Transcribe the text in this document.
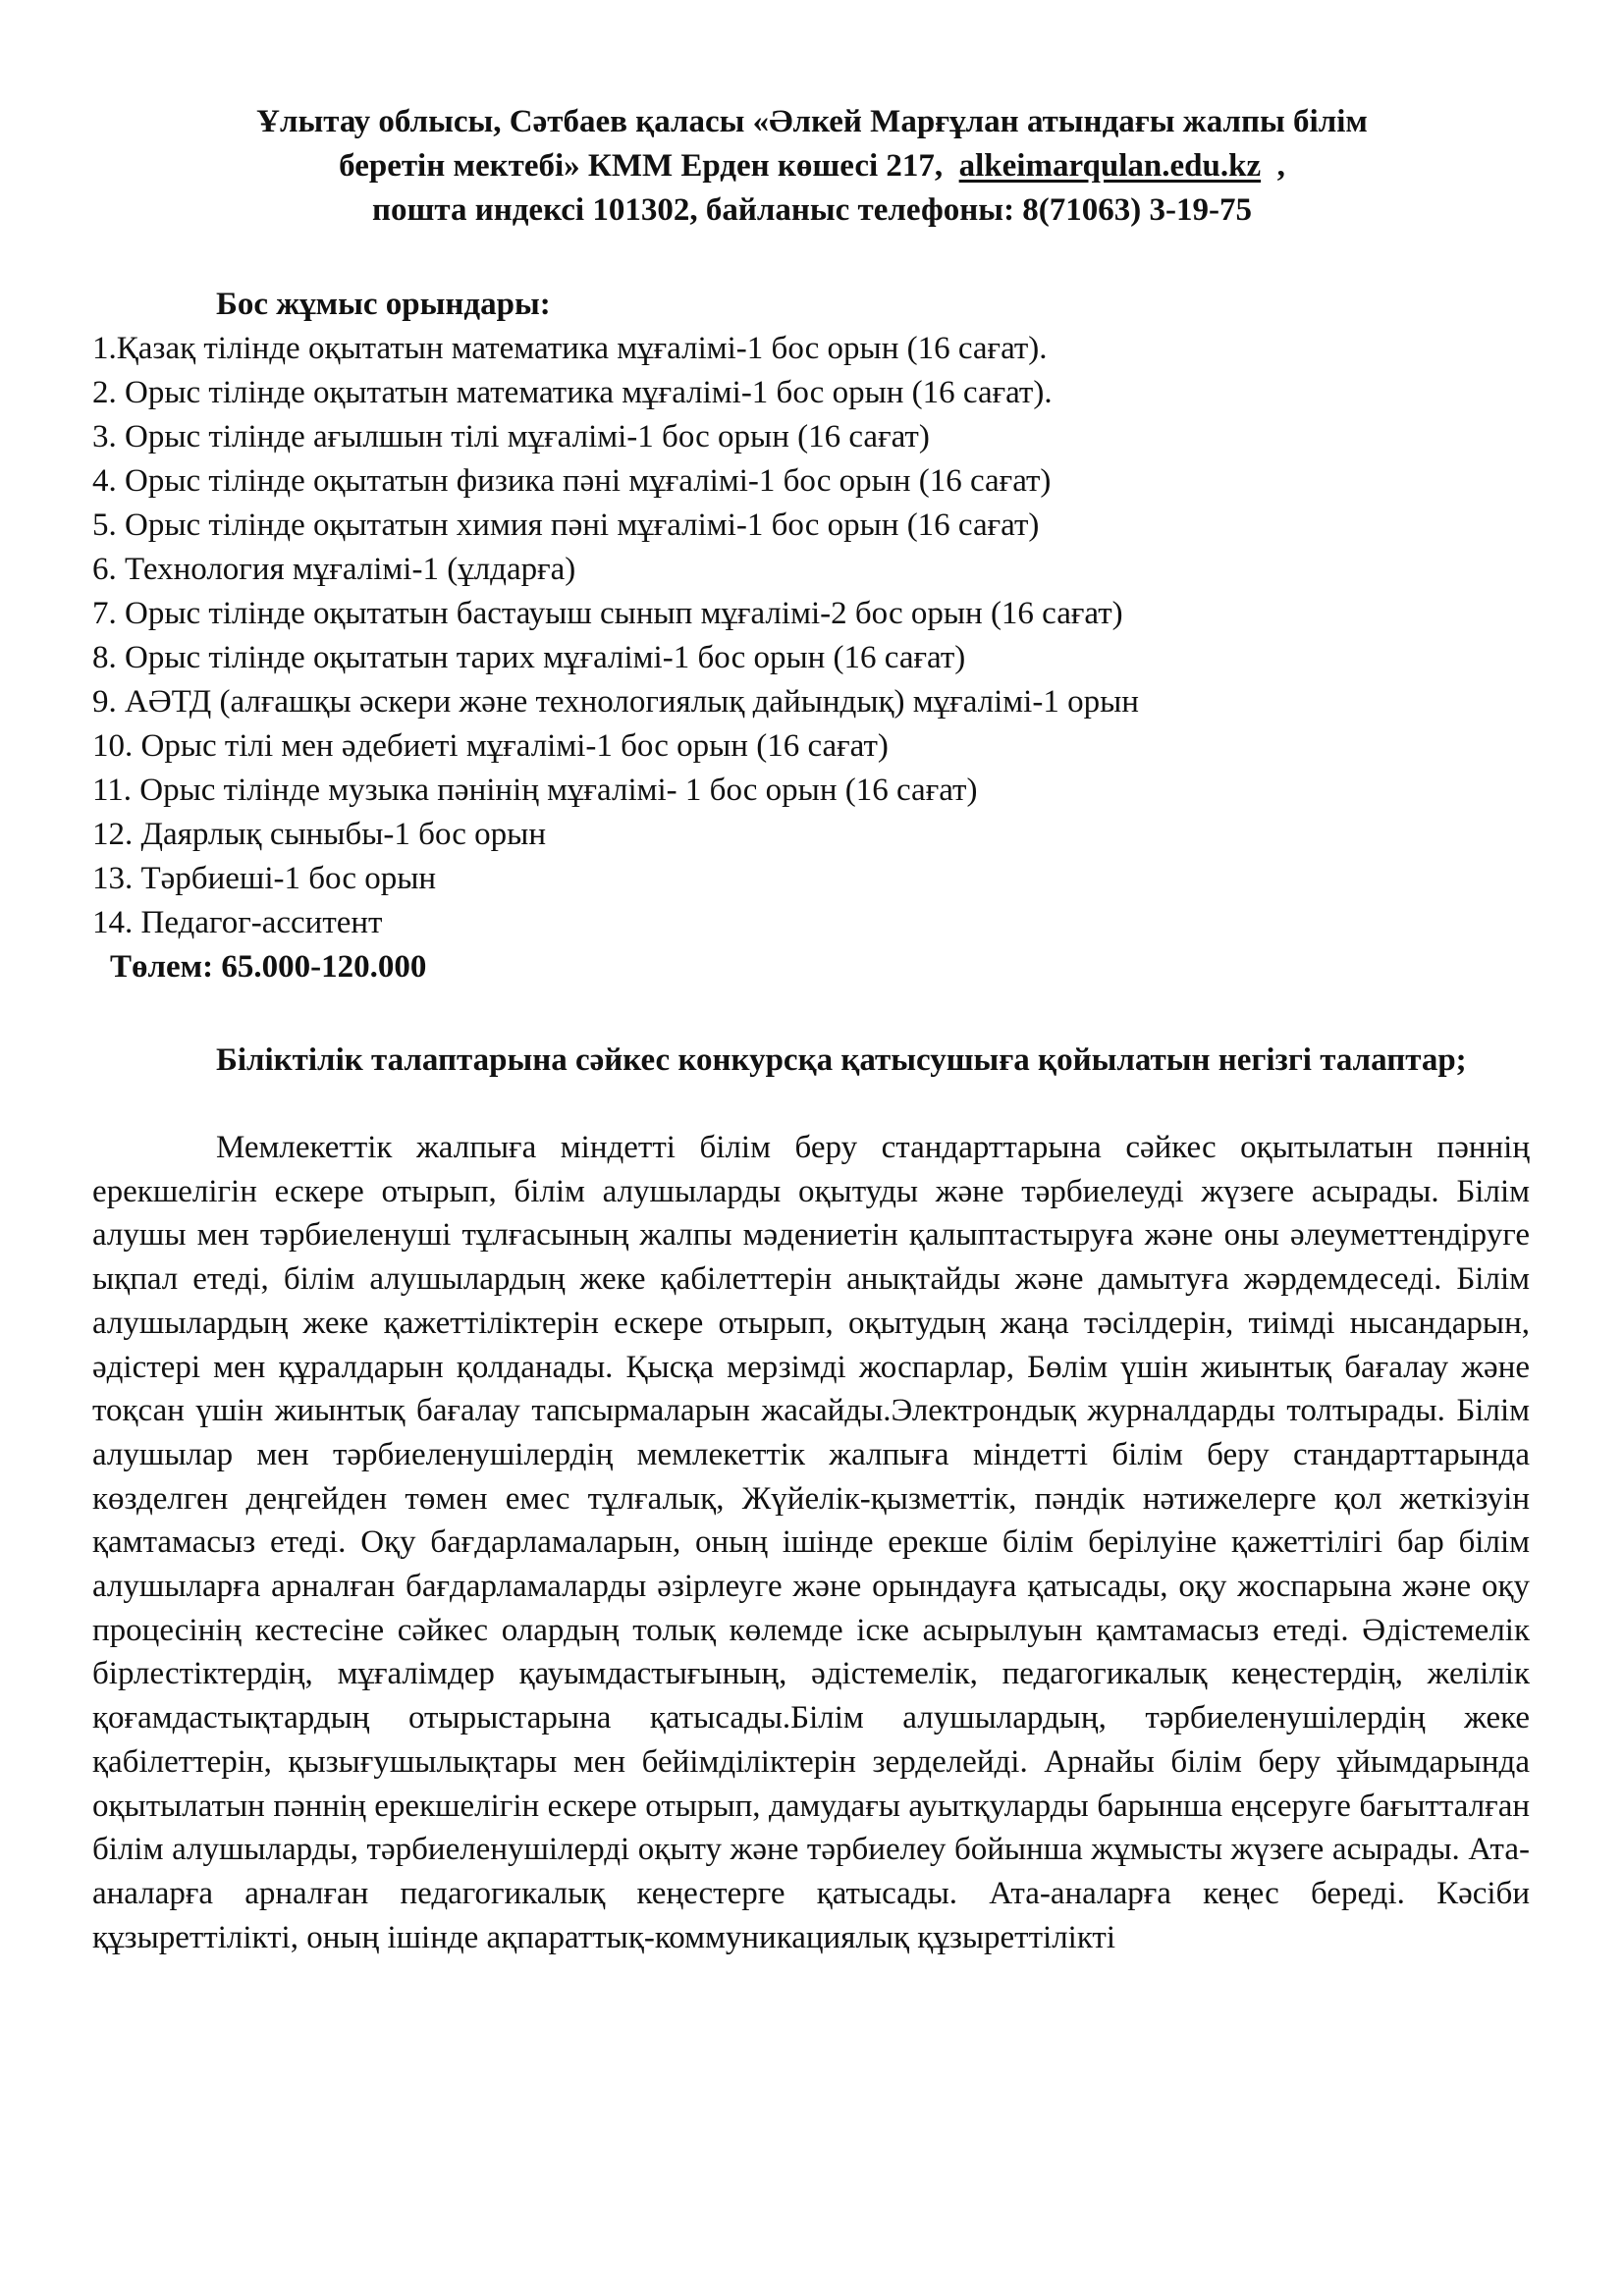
Ұлытау облысы, Сәтбаев қаласы «Әлкей Марғұлан атындағы жалпы білім
беретін мектебі» КММ Ерден көшесі 217, alkeimarqulan.edu.kz ,
пошта индексі 101302, байланыс телефоны: 8(71063) 3-19-75
Бос жұмыс орындары:
1.Қазақ тілінде оқытатын математика мұғалімі-1 бос орын (16 сағат).
2. Орыс тілінде оқытатын математика мұғалімі-1 бос орын (16 сағат).
3. Орыс тілінде ағылшын тілі мұғалімі-1 бос орын (16 сағат)
4. Орыс тілінде оқытатын физика пәні мұғалімі-1 бос орын (16 сағат)
5. Орыс тілінде оқытатын химия пәні мұғалімі-1 бос орын (16 сағат)
6. Технология мұғалімі-1 (ұлдарға)
7. Орыс тілінде оқытатын бастауыш сынып мұғалімі-2 бос орын (16 сағат)
8. Орыс тілінде оқытатын тарих мұғалімі-1 бос орын (16 сағат)
9. АӘТД (алғашқы әскери және технологиялық дайындық) мұғалімі-1 орын
10. Орыс тілі мен әдебиеті мұғалімі-1 бос орын (16 сағат)
11. Орыс тілінде музыка пәнінің мұғалімі- 1 бос орын (16 сағат)
12. Даярлық сыныбы-1 бос орын
13. Тәрбиеші-1 бос орын
14. Педагог-асситент
Төлем: 65.000-120.000
Біліктілік талаптарына сәйкес конкурсқа қатысушыға қойылатын негізгі талаптар;

Мемлекеттік жалпыға міндетті білім беру стандарттарына сәйкес оқытылатын пәннің ерекшелігін ескере отырып, білім алушыларды оқытуды және тәрбиелеуді жүзеге асырады. Білім алушы мен тәрбиеленуші тұлғасының жалпы мәдениетін қалыптастыруға және оны әлеуметтендіруге ықпал етеді, білім алушылардың жеке қабілеттерін анықтайды және дамытуға жәрдемдеседі. Білім алушылардың жеке қажеттіліктерін ескере отырып, оқытудың жаңа тәсілдерін, тиімді нысандарын, әдістері мен құралдарын қолданады. Қысқа мерзімді жоспарлар, Бөлім үшін жиынтық бағалау және тоқсан үшін жиынтық бағалау тапсырмаларын жасайды.Электрондық журналдарды толтырады. Білім алушылар мен тәрбиеленушілердің мемлекеттік жалпыға міндетті білім беру стандарттарында көзделген деңгейден төмен емес тұлғалық, Жүйелік-қызметтік, пәндік нәтижелерге қол жеткізуін қамтамасыз етеді. Оқу бағдарламаларын, оның ішінде ерекше білім берілуіне қажеттілігі бар білім алушыларға арналған бағдарламаларды әзірлеуге және орындауға қатысады, оқу жоспарына және оқу процесінің кестесіне сәйкес олардың толық көлемде іске асырылуын қамтамасыз етеді. Әдістемелік бірлестіктердің, мұғалімдер қауымдастығының, әдістемелік, педагогикалық кеңестердің, желілік қоғамдастықтардың отырыстарына қатысады.Білім алушылардың, тәрбиеленушілердің жеке қабілеттерін, қызығушылықтары мен бейімділіктерін зерделейді. Арнайы білім беру ұйымдарында оқытылатын пәннің ерекшелігін ескере отырып, дамудағы ауытқуларды барынша еңсеруге бағытталған білім алушыларды, тәрбиеленушілерді оқыту және тәрбиелеу бойынша жұмысты жүзеге асырады. Ата-аналарға арналған педагогикалық кеңестерге қатысады. Ата-аналарға кеңес береді. Кәсіби құзыреттілікті, оның ішінде ақпараттық-коммуникациялық құзыреттілікті
